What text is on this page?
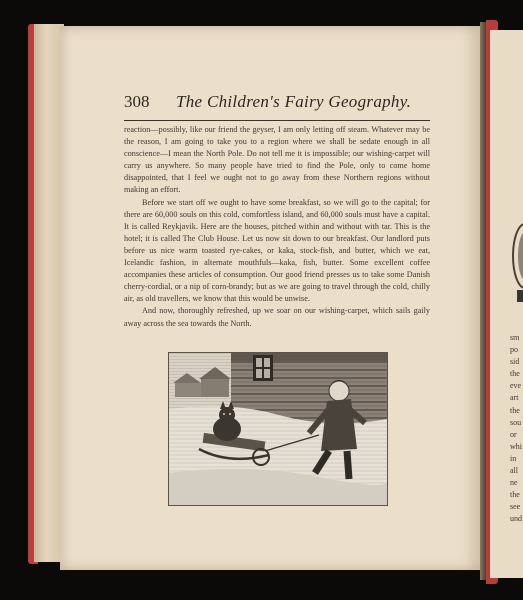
308 The Children's Fairy Geography.

reaction—possibly, like our friend the geyser, I am only letting off steam. Whatever may be the reason, I am going to take you to a region where we shall be sedate enough in all conscience—I mean the North Pole. Do not tell me it is impossible; our wishing-carpet will carry us anywhere. So many people have tried to find the Pole, only to come home disappointed, that I feel we ought not to go away from these Northern regions without making an effort.

Before we start off we ought to have some breakfast, so we will go to the capital; for there are 60,000 souls on this cold, comfortless island, and 60,000 souls must have a capital. It is called Reykjavik. Here are the houses, pitched within and without with tar. This is the hotel; it is called The Club House. Let us now sit down to our breakfast. Our landlord puts before us nice warm toasted rye-cakes, or kaka, stock-fish, and butter, which we eat, Icelandic fashion, in alternate mouthfuls—kaka, fish, butter. Some excellent coffee accompanies these articles of consumption. Our good friend presses us to take some Danish cherry-cordial, or a nip of corn-brandy; but as we are going to travel through the cold, chilly air, as old travellers, we know that this would be unwise.

And now, thoroughly refreshed, up we soar on our wishing-carpet, which sails gaily away across the sea towards the North.

sm
po
sid
the
eve
art
the
sou
or
whi
in
all
ne
the
see
und
